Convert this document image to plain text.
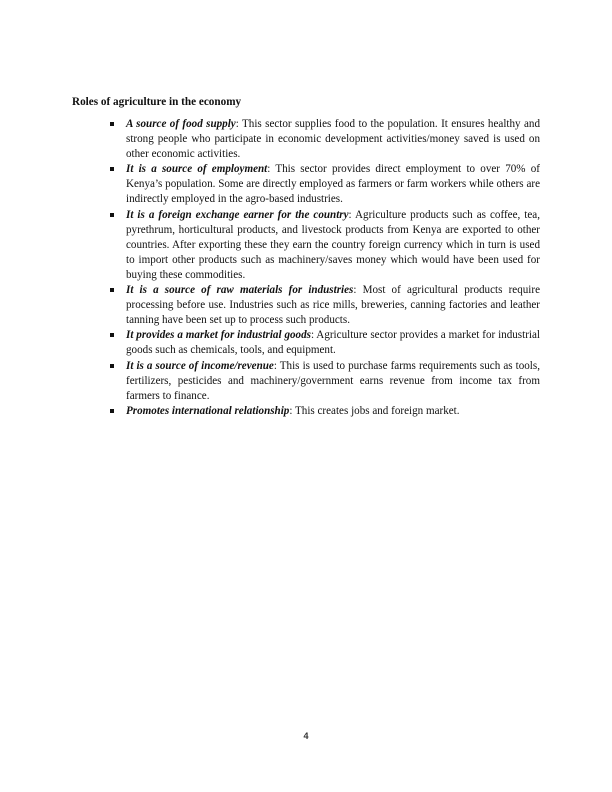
Roles of agriculture in the economy
A source of food supply: This sector supplies food to the population. It ensures healthy and strong people who participate in economic development activities/money saved is used on other economic activities.
It is a source of employment: This sector provides direct employment to over 70% of Kenya’s population. Some are directly employed as farmers or farm workers while others are indirectly employed in the agro-based industries.
It is a foreign exchange earner for the country: Agriculture products such as coffee, tea, pyrethrum, horticultural products, and livestock products from Kenya are exported to other countries. After exporting these they earn the country foreign currency which in turn is used to import other products such as machinery/saves money which would have been used for buying these commodities.
It is a source of raw materials for industries: Most of agricultural products require processing before use. Industries such as rice mills, breweries, canning factories and leather tanning have been set up to process such products.
It provides a market for industrial goods: Agriculture sector provides a market for industrial goods such as chemicals, tools, and equipment.
It is a source of income/revenue: This is used to purchase farms requirements such as tools, fertilizers, pesticides and machinery/government earns revenue from income tax from farmers to finance.
Promotes international relationship: This creates jobs and foreign market.
4
